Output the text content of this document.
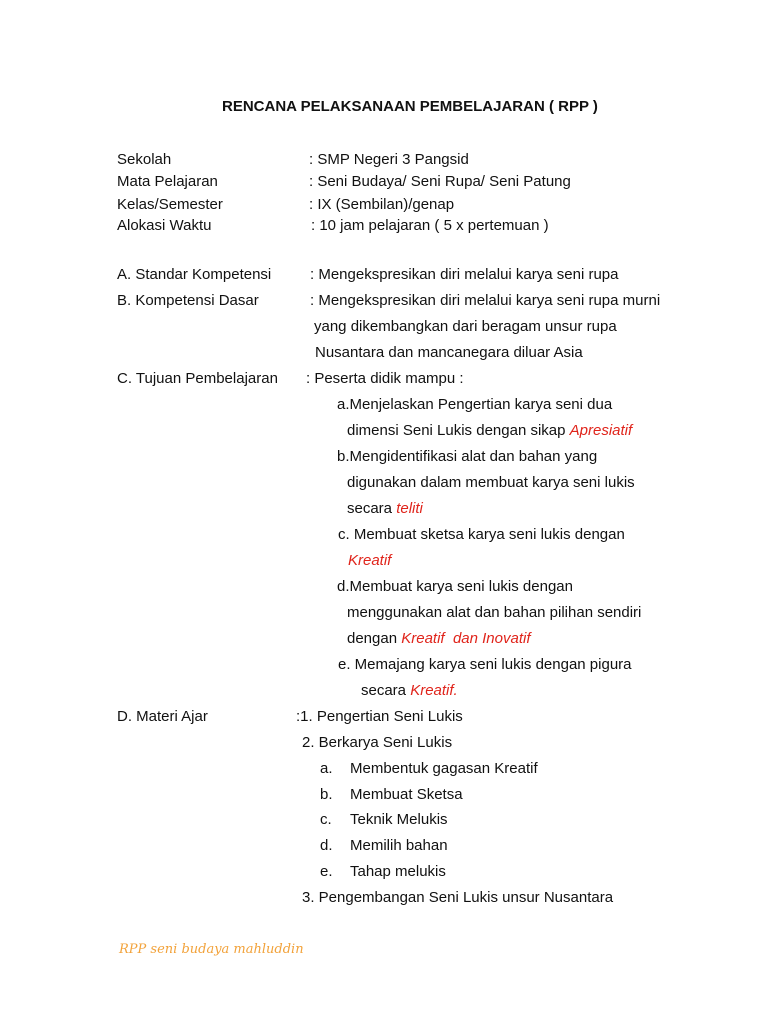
RENCANA PELAKSANAAN PEMBELAJARAN ( RPP )
Sekolah	: SMP Negeri 3 Pangsid
Mata Pelajaran	: Seni Budaya/ Seni Rupa/ Seni Patung
Kelas/Semester	: IX (Sembilan)/genap
Alokasi Waktu	: 10 jam pelajaran ( 5 x pertemuan )
A. Standar Kompetensi	: Mengekspresikan diri melalui karya seni rupa
B. Kompetensi Dasar	: Mengekspresikan diri melalui karya seni rupa murni
yang dikembangkan dari beragam unsur rupa
Nusantara dan mancanegara diluar Asia
C. Tujuan Pembelajaran : Peserta didik mampu :
a.Menjelaskan Pengertian karya seni dua
dimensi Seni Lukis dengan sikap Apresiatif
b.Mengidentifikasi alat dan bahan yang
digunakan dalam membuat karya seni lukis
secara teliti
c. Membuat sketsa karya seni lukis dengan
Kreatif
d.Membuat karya seni lukis dengan
menggunakan alat dan bahan pilihan sendiri
dengan Kreatif dan Inovatif
e. Memajang karya seni lukis dengan pigura
secara Kreatif.
D. Materi Ajar	:1. Pengertian Seni Lukis
2. Berkarya Seni Lukis
a. Membentuk gagasan Kreatif
b. Membuat Sketsa
c. Teknik Melukis
d. Memilih bahan
e. Tahap melukis
3. Pengembangan Seni Lukis unsur Nusantara
RPP seni budaya mahluddin
1
